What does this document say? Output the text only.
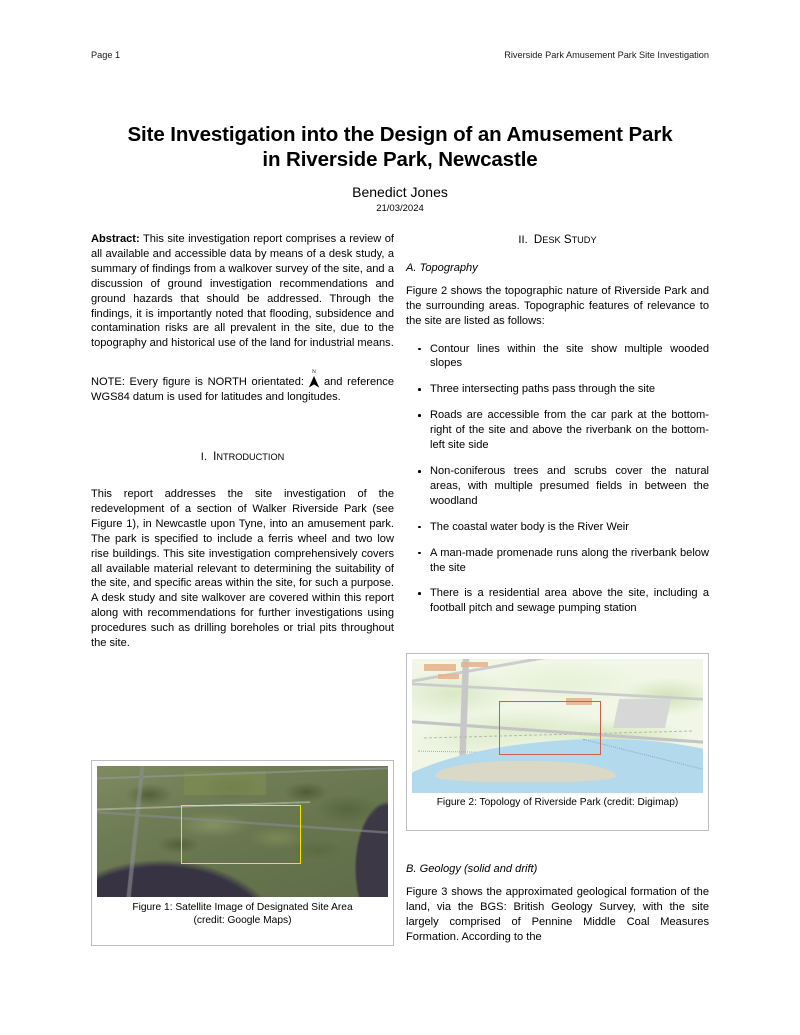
Page 1	Riverside Park Amusement Park Site Investigation
Site Investigation into the Design of an Amusement Park
in Riverside Park, Newcastle
Benedict Jones
21/03/2024

Abstract: This site investigation report comprises a review of all available and accessible data by means of a desk study, a summary of findings from a walkover survey of the site, and a discussion of ground investigation recommendations and ground hazards that should be addressed. Through the findings, it is importantly noted that flooding, subsidence and contamination risks are all prevalent in the site, due to the topography and historical use of the land for industrial means.

NOTE: Every figure is NORTH orientated:
N
and reference WGS84 datum is used for latitudes and longitudes.

I. INTRODUCTION

This report addresses the site investigation of the redevelopment of a section of Walker Riverside Park (see Figure 1), in Newcastle upon Tyne, into an amusement park. The park is specified to include a ferris wheel and two low rise buildings. This site investigation comprehensively covers all available material relevant to determining the suitability of the site, and specific areas within the site, for such a purpose. A desk study and site walkover are covered within this report along with recommendations for further investigations using procedures such as drilling boreholes or trial pits throughout the site.

II. DESK STUDY

A. Topography

Figure 2 shows the topographic nature of Riverside Park and the surrounding areas. Topographic features of relevance to the site are listed as follows:

Contour lines within the site show multiple wooded slopes
Three intersecting paths pass through the site
Roads are accessible from the car park at the bottom-right of the site and above the riverbank on the bottom-left site side
Non-coniferous trees and scrubs cover the natural areas, with multiple presumed fields in between the woodland
The coastal water body is the River Weir
A man-made promenade runs along the riverbank below the site
There is a residential area above the site, including a football pitch and sewage pumping station

B. Geology (solid and drift)

Figure 3 shows the approximated geological formation of the land, via the BGS: British Geology Survey, with the site largely comprised of Pennine Middle Coal Measures Formation. According to the

Figure 1: Satellite Image of Designated Site Area
(credit: Google Maps)
Figure 2: Topology of Riverside Park (credit: Digimap)
